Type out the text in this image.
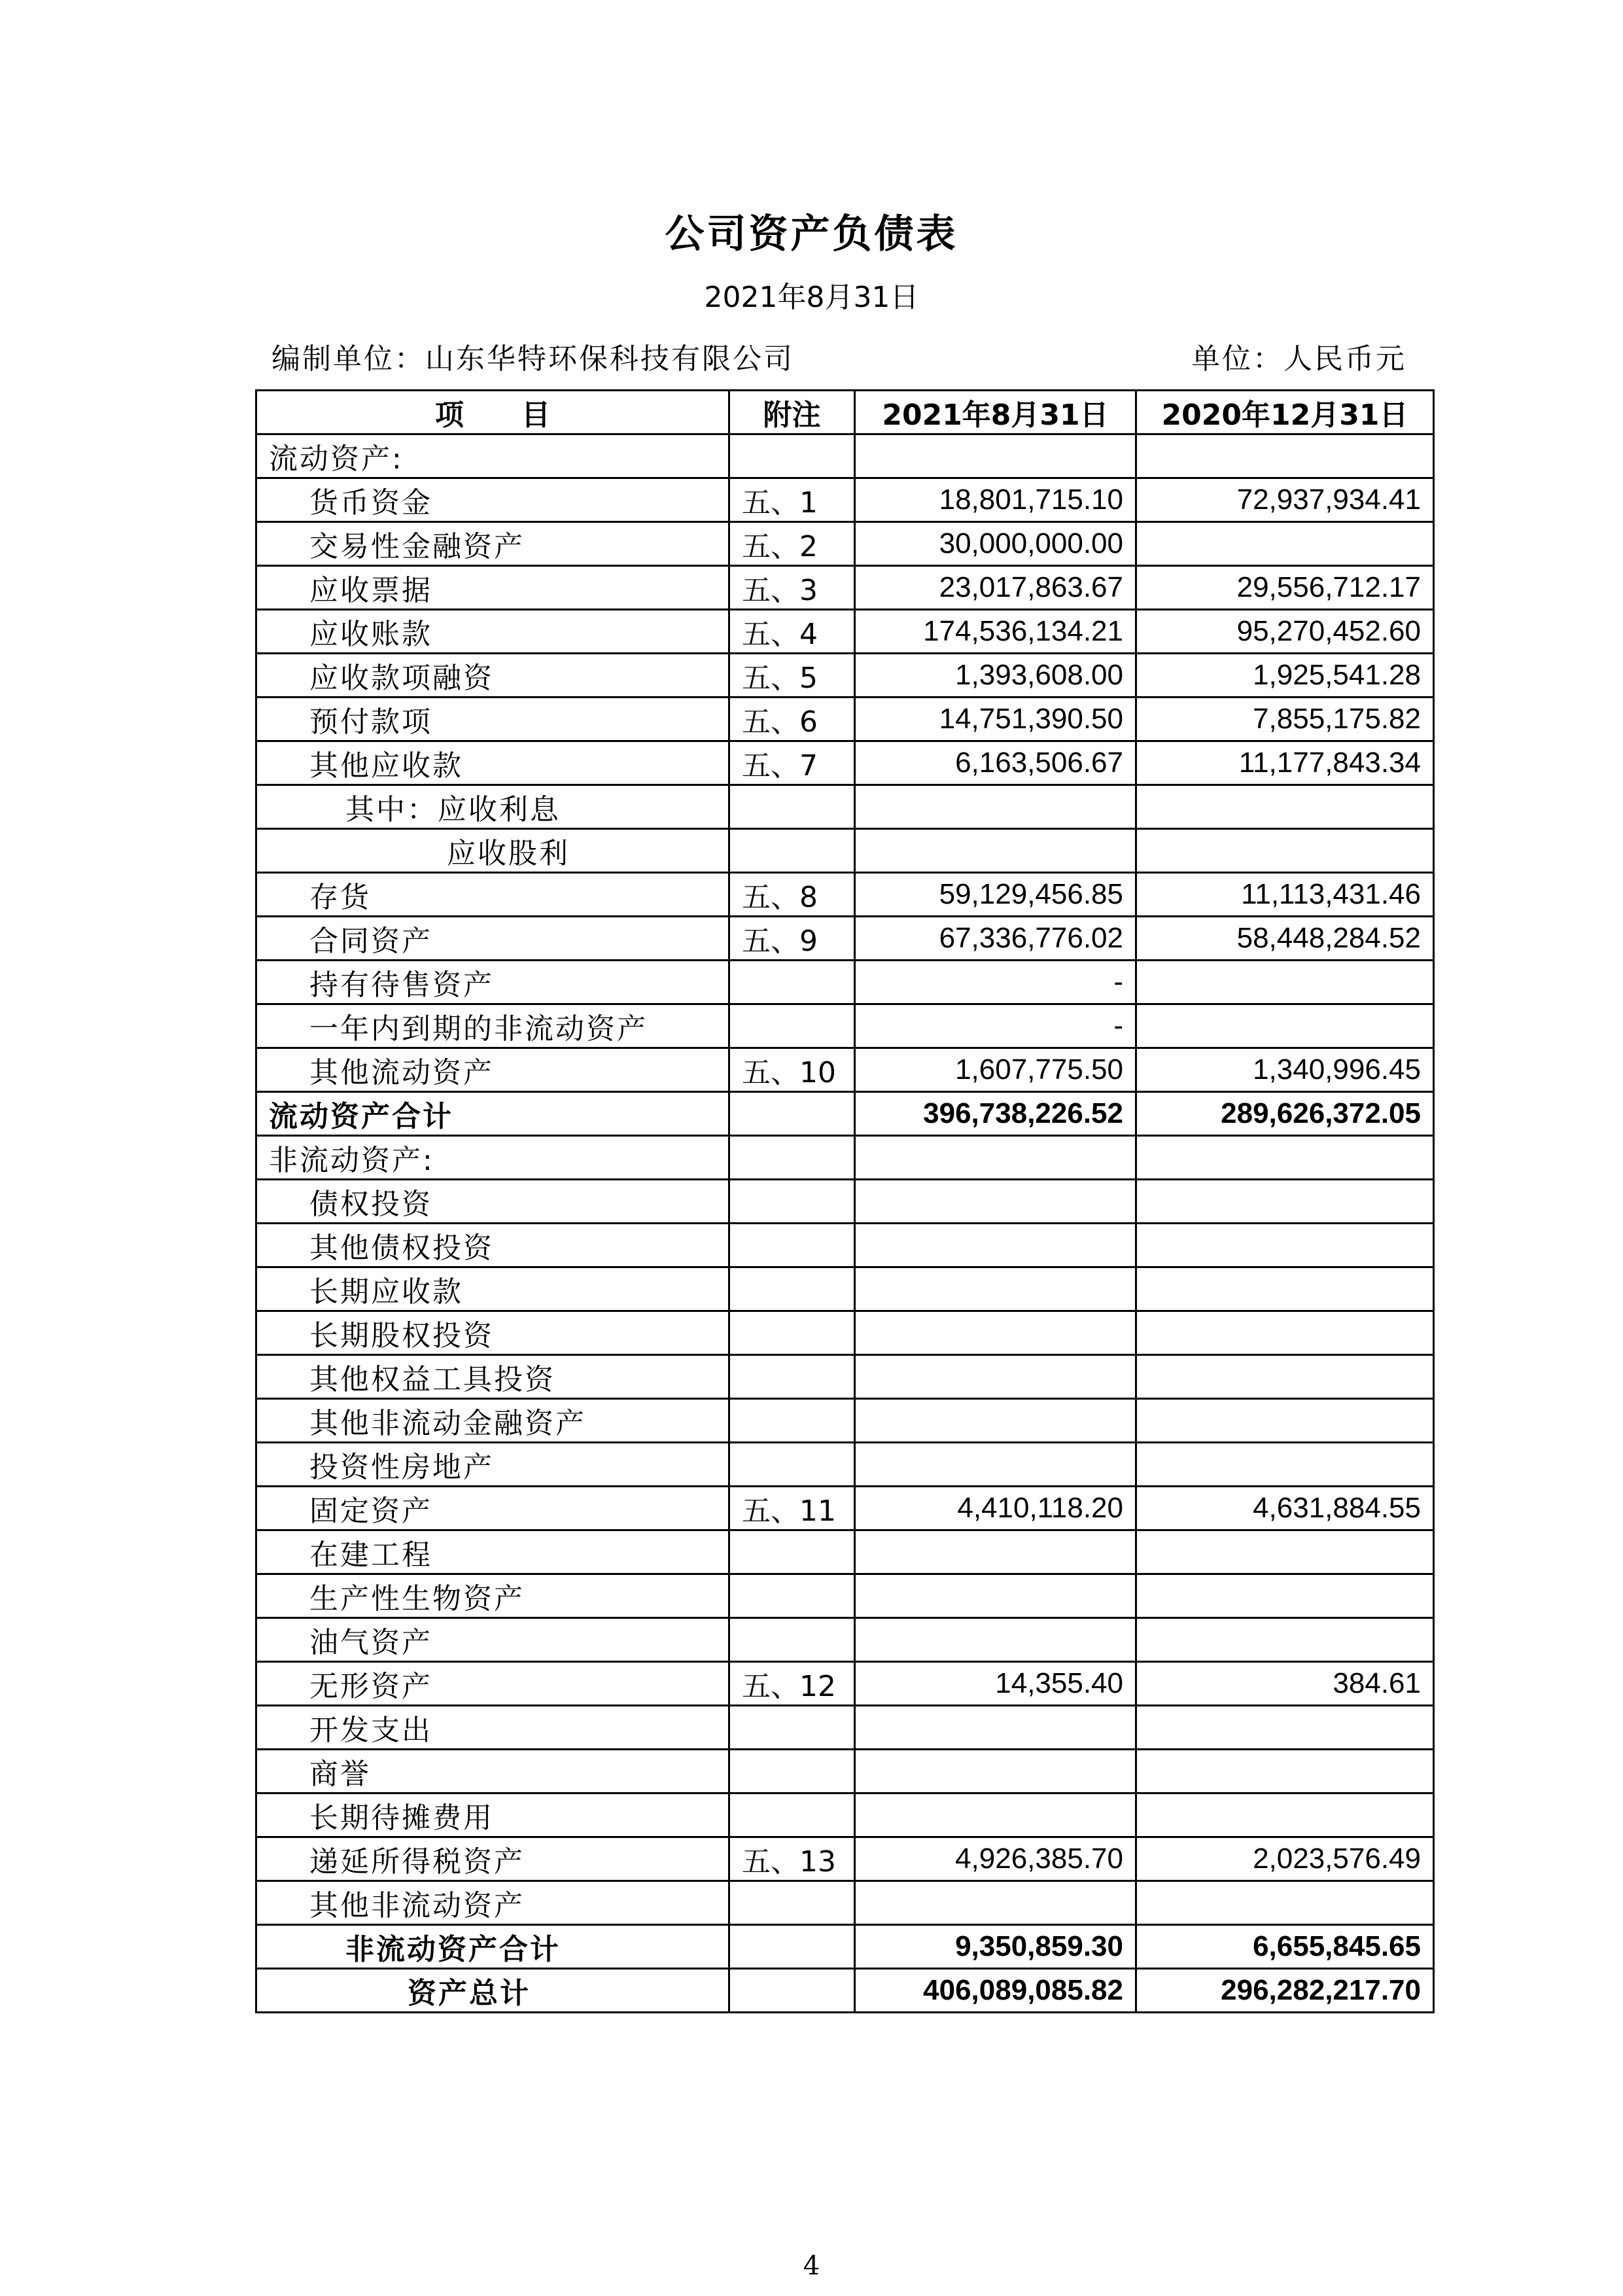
公司资产负债表
2021年8月31日
编制单位：山东华特环保科技有限公司	单位：人民币元
项　　目	附注	2021年8月31日	2020年12月31日
流动资产:			
货币资金	五、1	18,801,715.10	72,937,934.41
交易性金融资产	五、2	30,000,000.00	
应收票据	五、3	23,017,863.67	29,556,712.17
应收账款	五、4	174,536,134.21	95,270,452.60
应收款项融资	五、5	1,393,608.00	1,925,541.28
预付款项	五、6	14,751,390.50	7,855,175.82
其他应收款	五、7	6,163,506.67	11,177,843.34
其中：应收利息			
应收股利			
存货	五、8	59,129,456.85	11,113,431.46
合同资产	五、9	67,336,776.02	58,448,284.52
持有待售资产		-	
一年内到期的非流动资产		-	
其他流动资产	五、10	1,607,775.50	1,340,996.45
流动资产合计		396,738,226.52	289,626,372.05
非流动资产:			
债权投资			
其他债权投资			
长期应收款			
长期股权投资			
其他权益工具投资			
其他非流动金融资产			
投资性房地产			
固定资产	五、11	4,410,118.20	4,631,884.55
在建工程			
生产性生物资产			
油气资产			
无形资产	五、12	14,355.40	384.61
开发支出			
商誉			
长期待摊费用			
递延所得税资产	五、13	4,926,385.70	2,023,576.49
其他非流动资产			
非流动资产合计		9,350,859.30	6,655,845.65
资产总计		406,089,085.82	296,282,217.70
4
